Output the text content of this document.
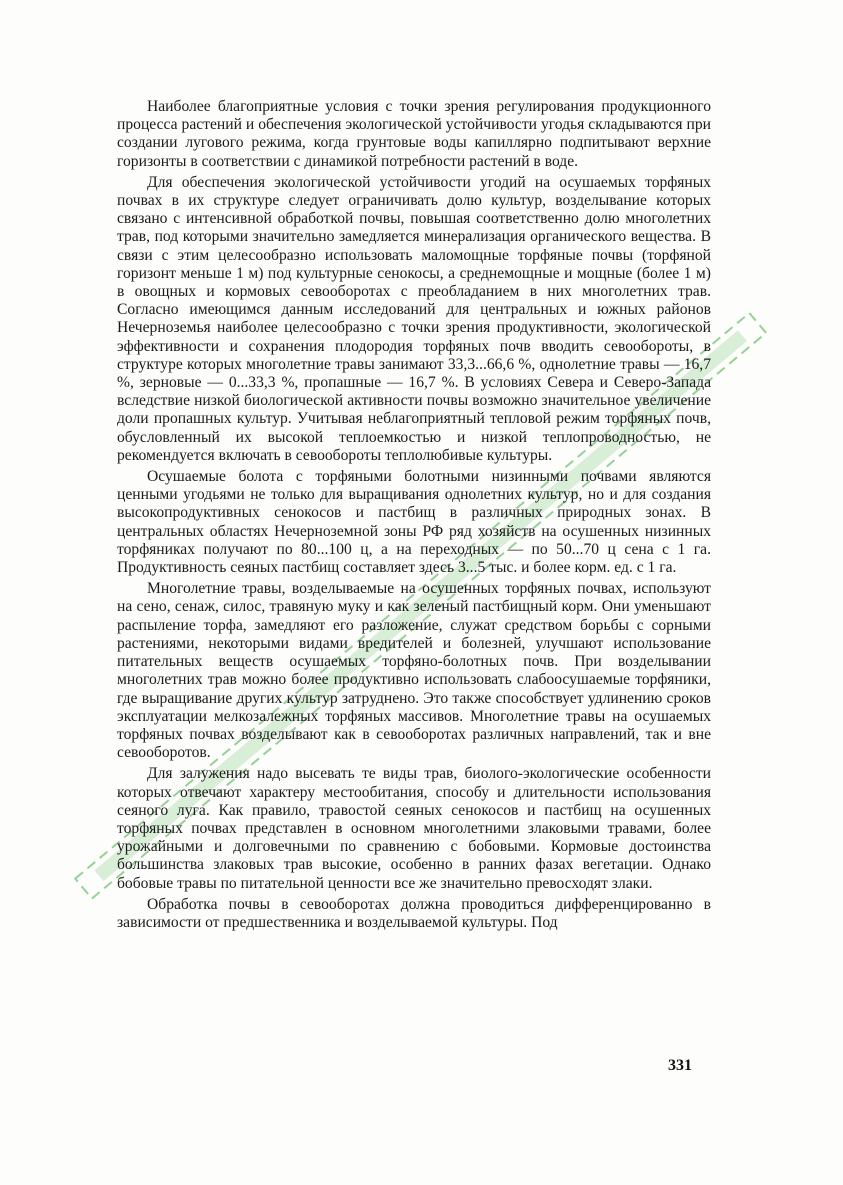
Наиболее благоприятные условия с точки зрения регулирования продукционного процесса растений и обеспечения экологической устойчивости угодья складываются при создании лугового режима, когда грунтовые воды капиллярно подпитывают верхние горизонты в соответствии с динамикой потребности растений в воде.

Для обеспечения экологической устойчивости угодий на осушаемых торфяных почвах в их структуре следует ограничивать долю культур, возделывание которых связано с интенсивной обработкой почвы, повышая соответственно долю многолетних трав, под которыми значительно замедляется минерализация органического вещества. В связи с этим целесообразно использовать маломощные торфяные почвы (торфяной горизонт меньше 1 м) под культурные сенокосы, а среднемощные и мощные (более 1 м) в овощных и кормовых севооборотах с преобладанием в них многолетних трав. Согласно имеющимся данным исследований для центральных и южных районов Нечерноземья наиболее целесообразно с точки зрения продуктивности, экологической эффективности и сохранения плодородия торфяных почв вводить севообороты, в структуре которых многолетние травы занимают 33,3...66,6 %, однолетние травы — 16,7 %, зерновые — 0...33,3 %, пропашные — 16,7 %. В условиях Севера и Северо-Запада вследствие низкой биологической активности почвы возможно значительное увеличение доли пропашных культур. Учитывая неблагоприятный тепловой режим торфяных почв, обусловленный их высокой теплоемкостью и низкой теплопроводностью, не рекомендуется включать в севообороты теплолюбивые культуры.

Осушаемые болота с торфяными болотными низинными почвами являются ценными угодьями не только для выращивания однолетних культур, но и для создания высокопродуктивных сенокосов и пастбищ в различных природных зонах. В центральных областях Нечерноземной зоны РФ ряд хозяйств на осушенных низинных торфяниках получают по 80...100 ц, а на переходных — по 50...70 ц сена с 1 га. Продуктивность сеяных пастбищ составляет здесь 3...5 тыс. и более корм. ед. с 1 га.

Многолетние травы, возделываемые на осушенных торфяных почвах, используют на сено, сенаж, силос, травяную муку и как зеленый пастбищный корм. Они уменьшают распыление торфа, замедляют его разложение, служат средством борьбы с сорными растениями, некоторыми видами вредителей и болезней, улучшают использование питательных веществ осушаемых торфяно-болотных почв. При возделывании многолетних трав можно более продуктивно использовать слабоосушаемые торфяники, где выращивание других культур затруднено. Это также способствует удлинению сроков эксплуатации мелкозалежных торфяных массивов. Многолетние травы на осушаемых торфяных почвах возделывают как в севооборотах различных направлений, так и вне севооборотов.

Для залужения надо высевать те виды трав, биолого-экологические особенности которых отвечают характеру местообитания, способу и длительности использования сеяного луга. Как правило, травостой сеяных сенокосов и пастбищ на осушенных торфяных почвах представлен в основном многолетними злаковыми травами, более урожайными и долговечными по сравнению с бобовыми. Кормовые достоинства большинства злаковых трав высокие, особенно в ранних фазах вегетации. Однако бобовые травы по питательной ценности все же значительно превосходят злаки.

Обработка почвы в севооборотах должна проводиться дифференцированно в зависимости от предшественника и возделываемой культуры. Под

331
